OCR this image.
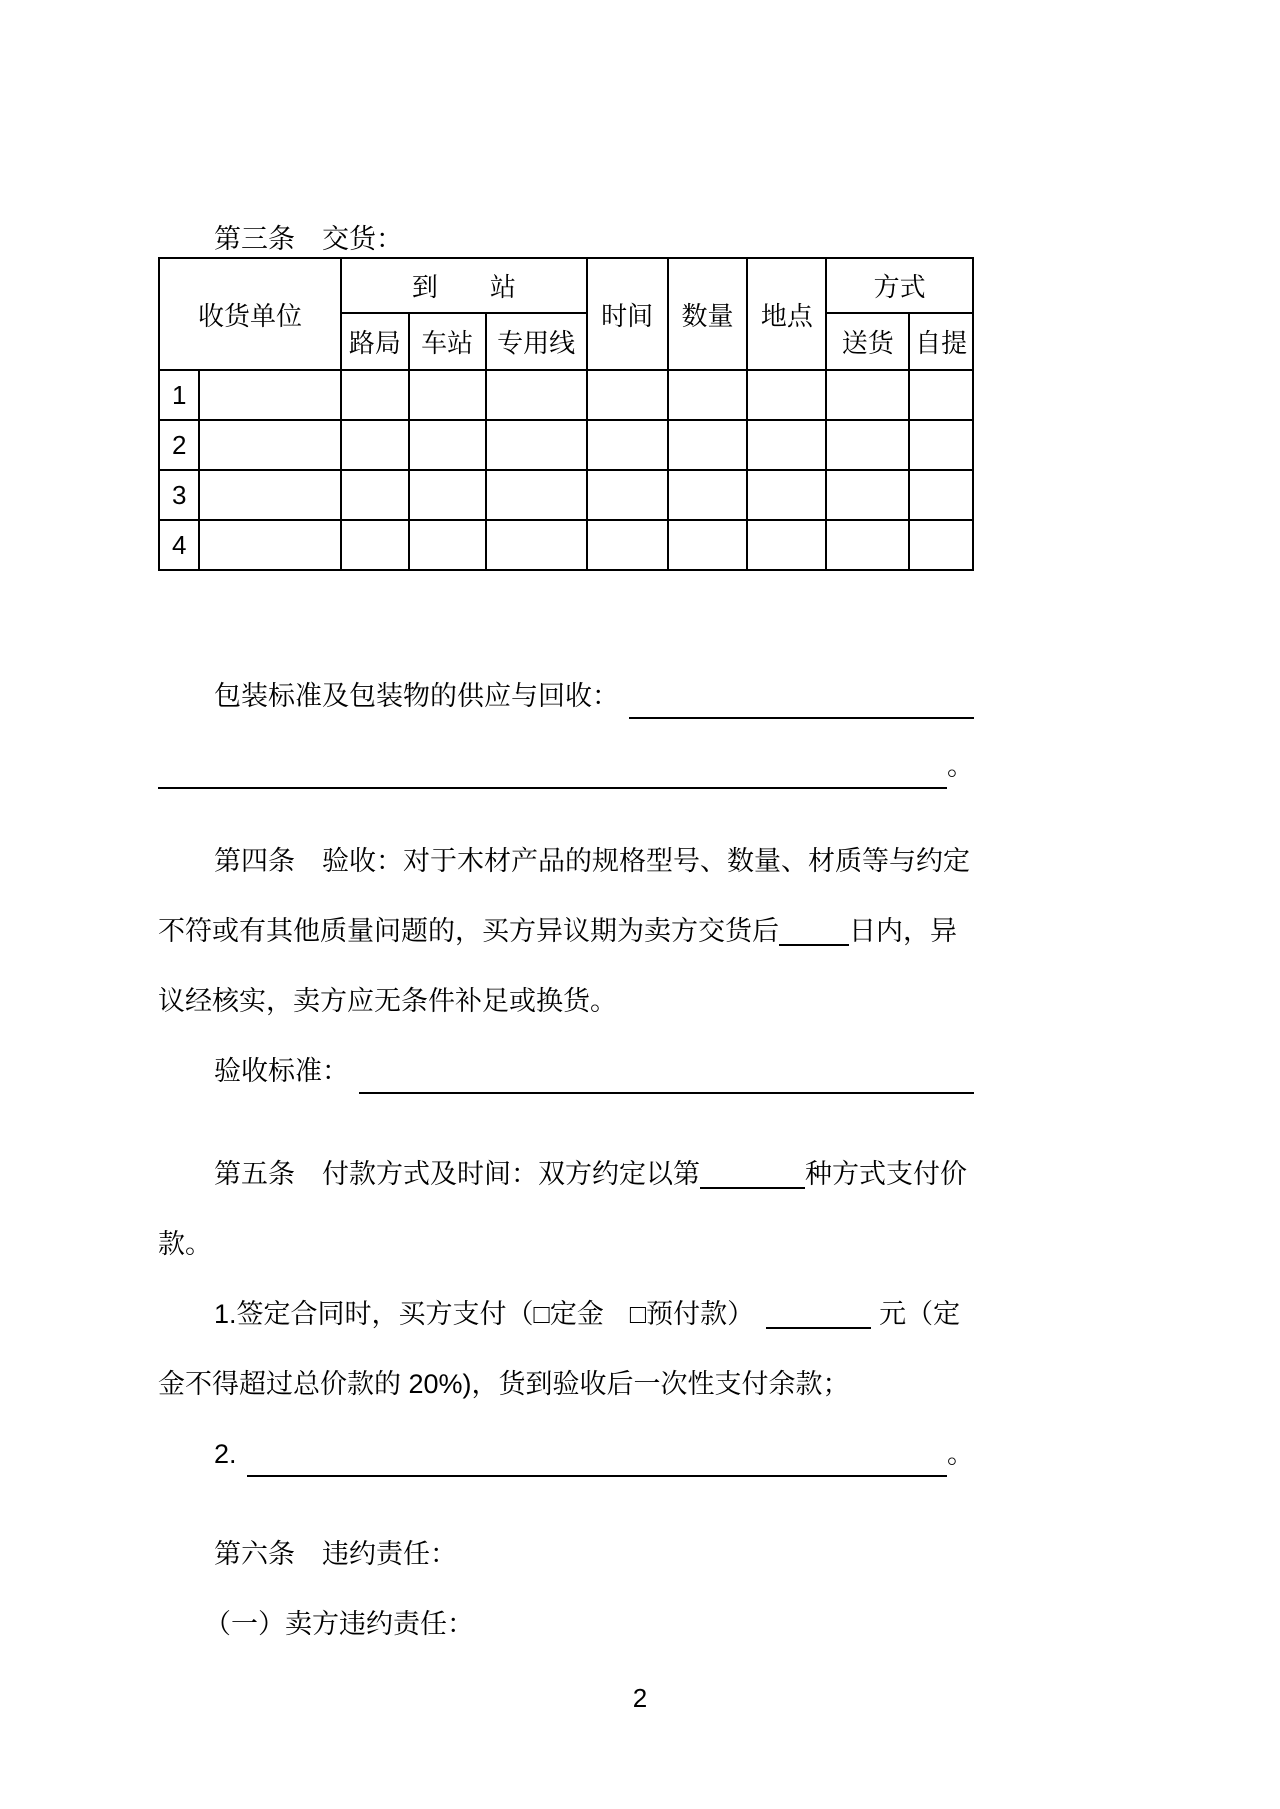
第三条　交货：
收货单位		到　　站			时间	数量	地点	方式	
		路局	车站	专用线				送货	自提
1									
2									
3									
4									
包装标准及包装物的供应与回收：
。
第四条　验收：对于木材产品的规格型号、数量、材质等与约定
不符或有其他质量问题的，买方异议期为卖方交货后	日内，异
议经核实，卖方应无条件补足或换货。
验收标准：
第五条　付款方式及时间：双方约定以第	种方式支付价
款。
1.签定合同时，买方支付（□定金 □预付款）	元（定
金不得超过总价款的 20%)，货到验收后一次性支付余款；
2.	。
第六条　违约责任：
（一）卖方违约责任：
2
